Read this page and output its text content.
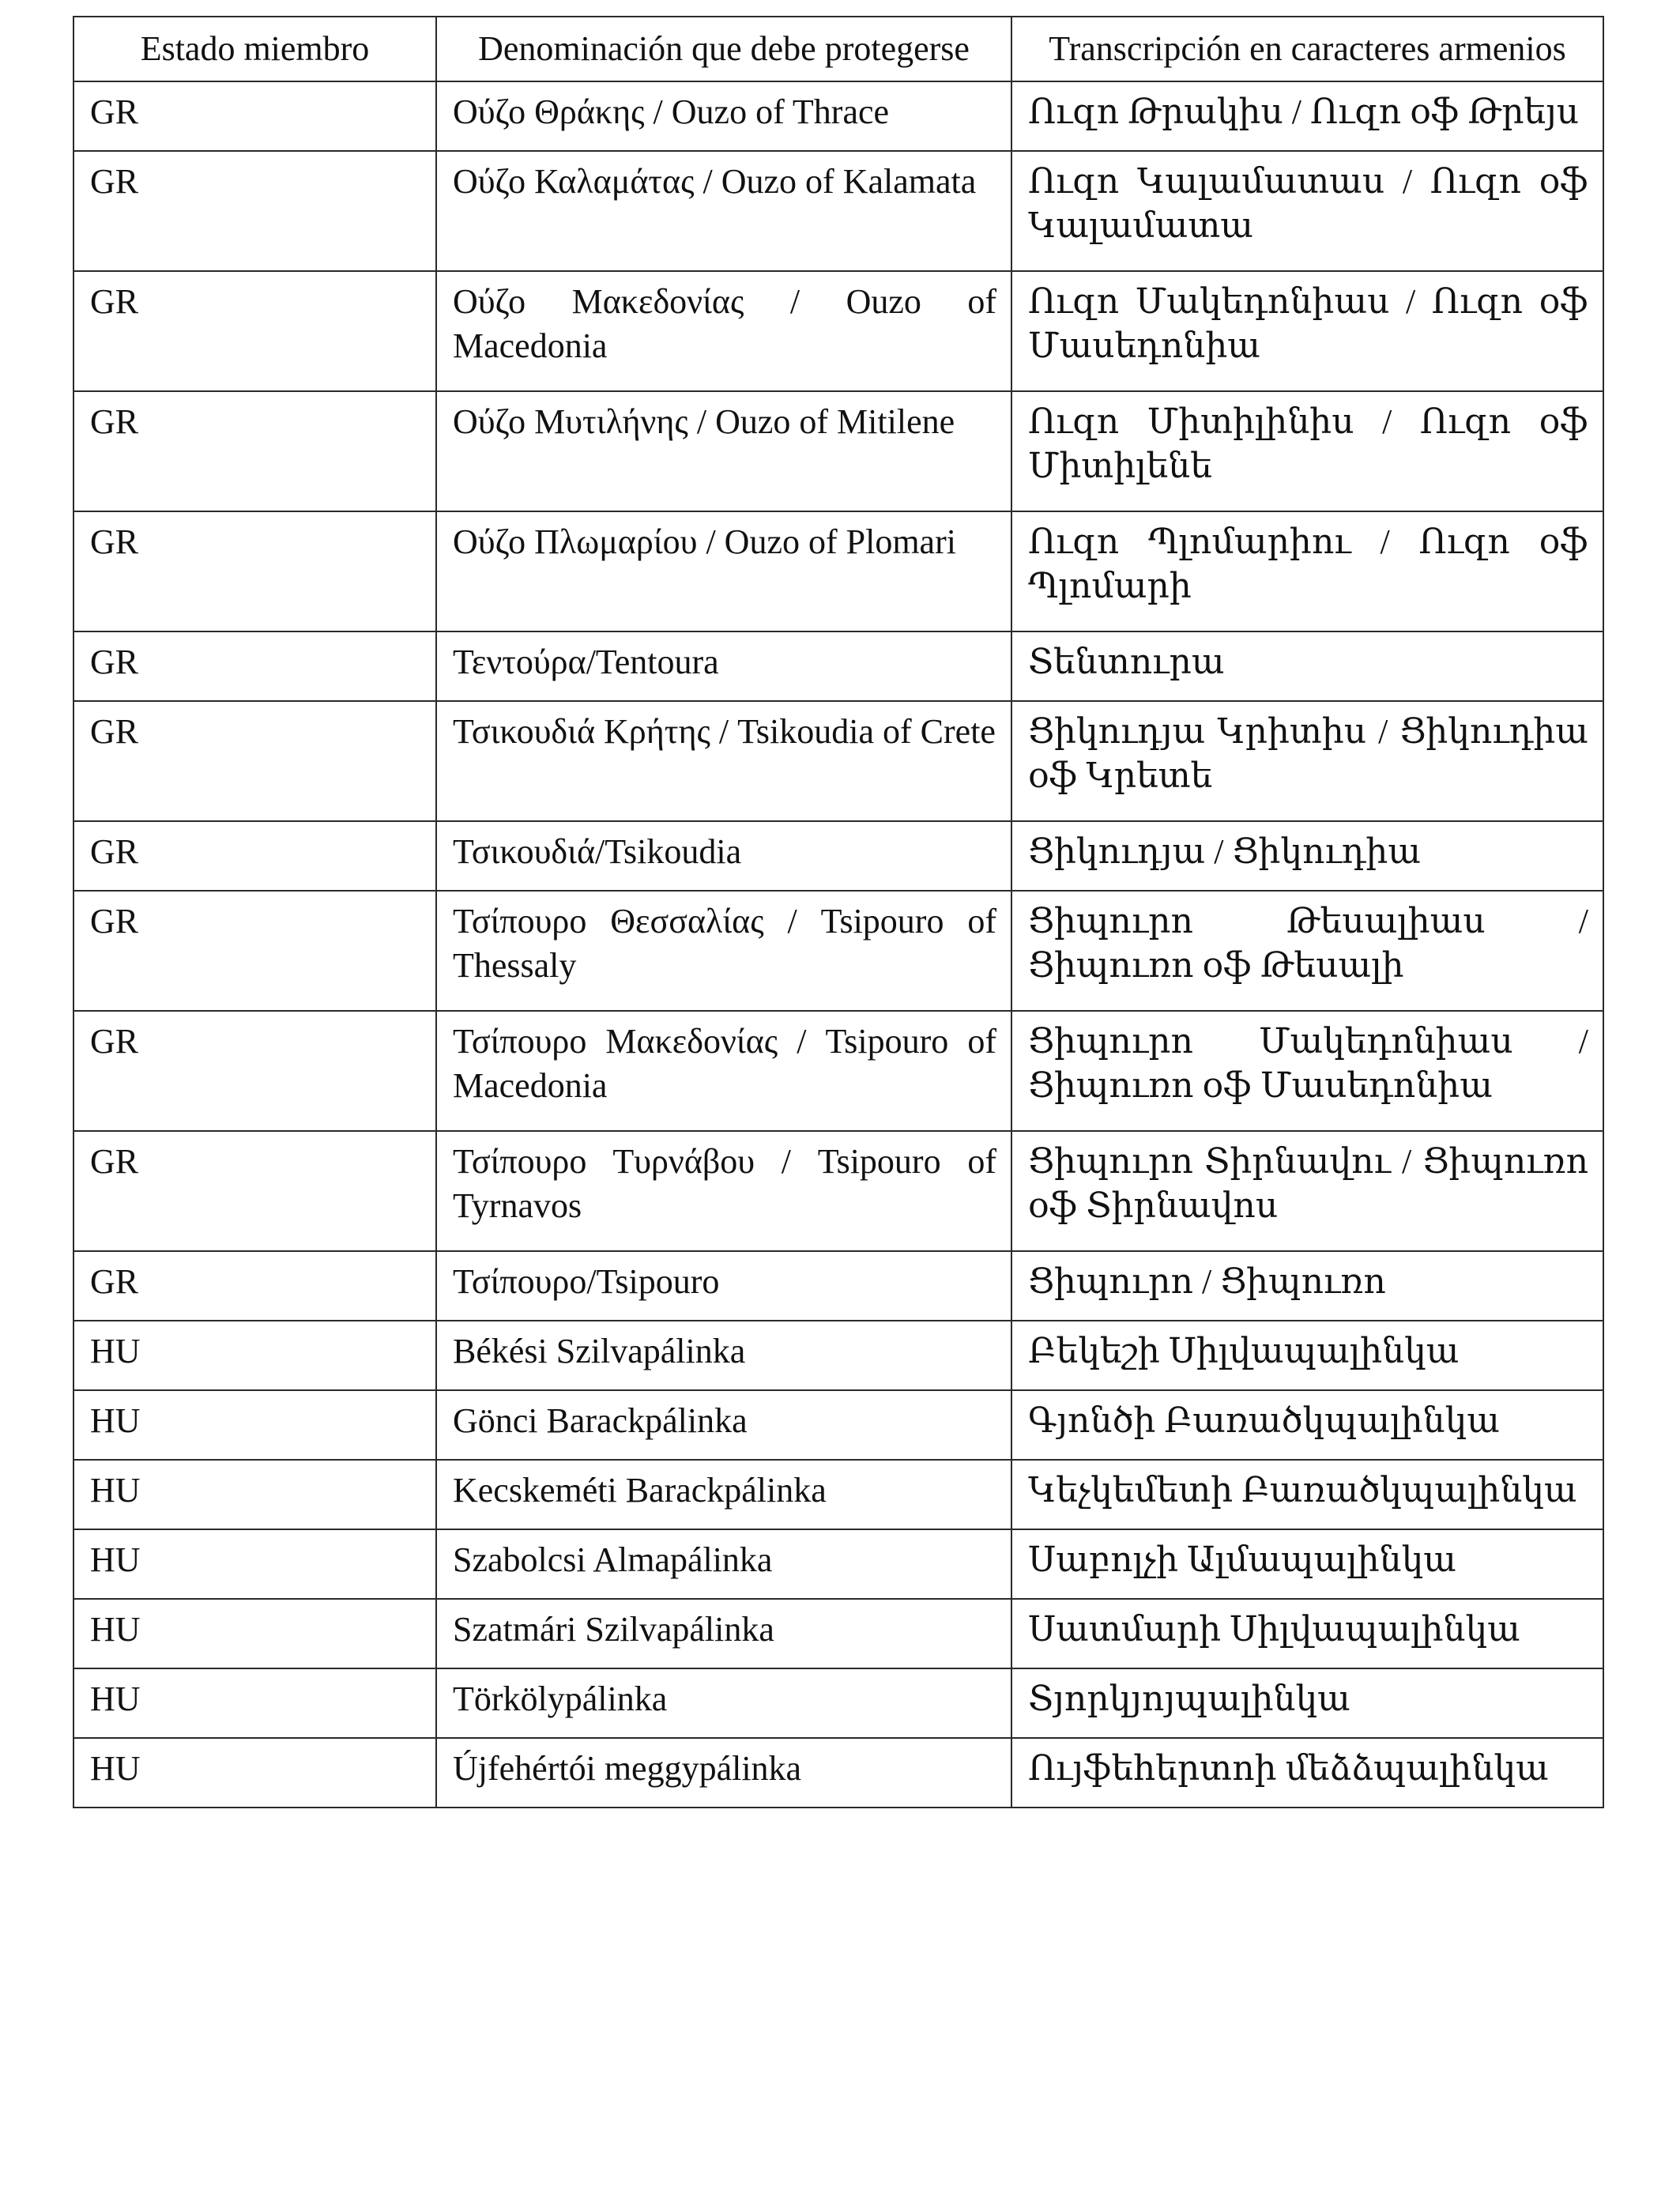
Estado miembro	Denominación que debe protegerse	Transcripción en caracteres armenios
GR	Ούζο Θράκης / Ouzo of Thrace	Ուզո Թրակիս / Ուզո օֆ Թրեյս
GR	Ούζο Καλαμάτας / Ouzo of Kalamata	Ուզո Կալամատաս / Ուզո օֆ Կալամատա
GR	Ούζο Μακεδονίας / Ouzo of Macedonia	Ուզո Մակեդոնիաս / Ուզո օֆ Մասեդոնիա
GR	Ούζο Μυτιλήνης / Ouzo of Mitilene	Ուզո Միտիլինիս / Ուզո օֆ Միտիլենե
GR	Ούζο Πλωμαρίου / Ouzo of Plomari	Ուզո Պլոմարիու / Ուզո օֆ Պլոմարի
GR	Τεντούρα/Tentoura	Տենտուրա
GR	Τσικουδιά Κρήτης / Tsikoudia of Crete	Ցիկուդյա Կրիտիս / Ցիկուդիա օֆ Կրետե
GR	Τσικουδιά/Tsikoudia	Ցիկուդյա / Ցիկուդիա
GR	Τσίπουρο Θεσσαλίας / Tsipouro of Thessaly	Ցիպուրո Թեսալիաս / Ցիպուռո օֆ Թեսալի
GR	Τσίπουρο Μακεδονίας / Tsipouro of Macedonia	Ցիպուրո Մակեդոնիաս / Ցիպուռո օֆ Մասեդոնիա
GR	Τσίπουρο Τυρνάβου / Tsipouro of Tyrnavos	Ցիպուրո Տիրնավու / Ցիպուռո օֆ Տիրնավոս
GR	Τσίπουρο/Tsipouro	Ցիպուրո / Ցիպուռո
HU	Békési Szilvapálinka	Բեկեշի Սիլվապալինկա
HU	Gönci Barackpálinka	Գյոնծի Բառածկպալինկա
HU	Kecskeméti Barackpálinka	Կեչկեմետի Բառածկպալինկա
HU	Szabolcsi Almapálinka	Սաբոլչի Ալմապալինկա
HU	Szatmári Szilvapálinka	Սատմարի Սիլվապալինկա
HU	Törkölypálinka	Տյորկյոյպալինկա
HU	Újfehértói meggypálinka	Ույֆեհերտոի մեձձպալինկա
